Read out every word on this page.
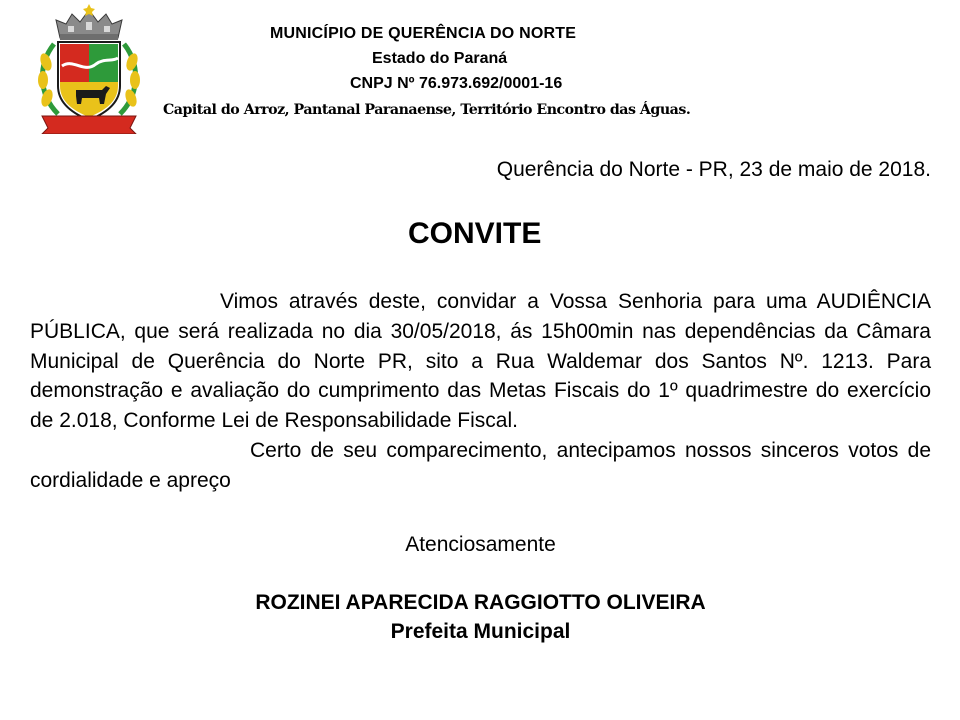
MUNICÍPIO DE QUERÊNCIA DO NORTE
Estado do Paraná
CNPJ Nº 76.973.692/0001-16
Capital do Arroz, Pantanal Paranaense, Território Encontro das Águas.
Querência do Norte - PR, 23 de maio de 2018.
CONVITE

Vimos através deste, convidar a Vossa Senhoria para uma AUDIÊNCIA PÚBLICA, que será realizada no dia 30/05/2018, ás 15h00min nas dependências da Câmara Municipal de Querência do Norte PR, sito a Rua Waldemar dos Santos Nº. 1213. Para demonstração e avaliação do cumprimento das Metas Fiscais do 1º quadrimestre do exercício de 2.018, Conforme Lei de Responsabilidade Fiscal.

Certo de seu comparecimento, antecipamos nossos sinceros votos de cordialidade e apreço

Atenciosamente
ROZINEI APARECIDA RAGGIOTTO OLIVEIRA
Prefeita Municipal
